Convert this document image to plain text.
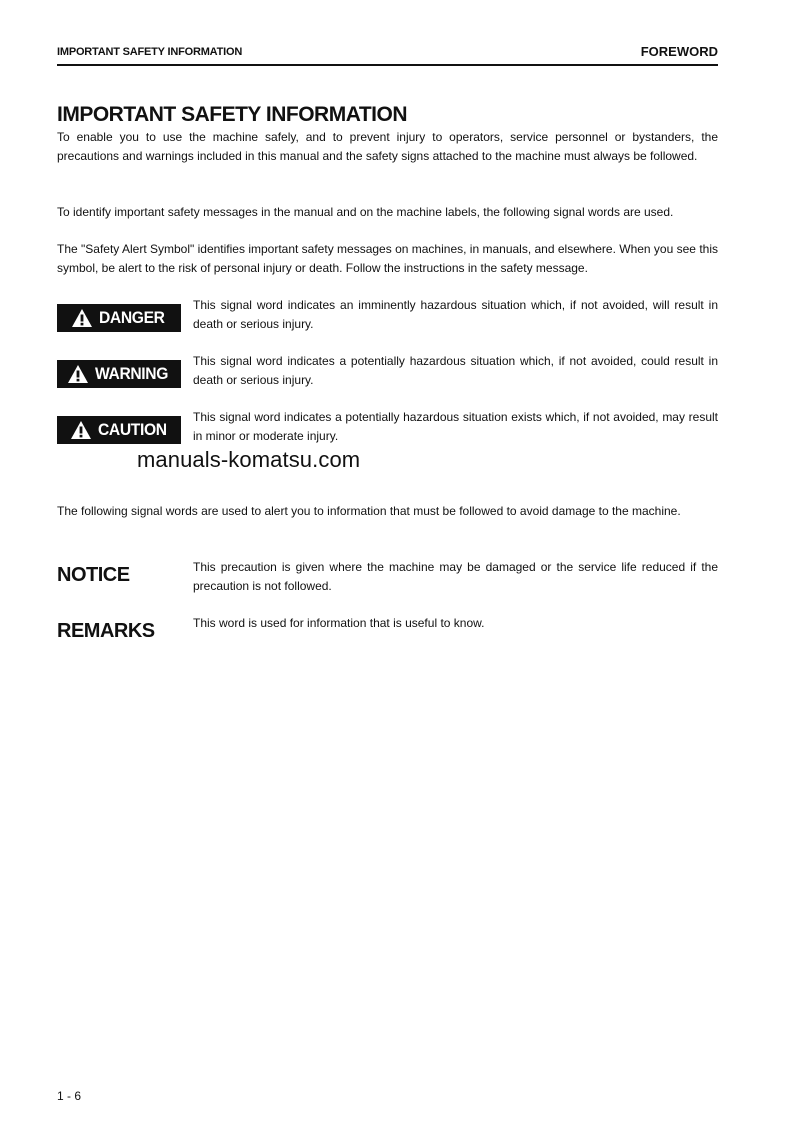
IMPORTANT SAFETY INFORMATION	FOREWORD
IMPORTANT SAFETY INFORMATION

To enable you to use the machine safely, and to prevent injury to operators, service personnel or bystanders, the precautions and warnings included in this manual and the safety signs attached to the machine must always be followed.

To identify important safety messages in the manual and on the machine labels, the following signal words are used.

The "Safety Alert Symbol" identifies important safety messages on machines, in manuals, and elsewhere. When you see this symbol, be alert to the risk of personal injury or death. Follow the instructions in the safety message.

DANGER
This signal word indicates an imminently hazardous situation which, if not avoided, will result in death or serious injury.
WARNING
This signal word indicates a potentially hazardous situation which, if not avoided, could result in death or serious injury.
CAUTION
This signal word indicates a potentially hazardous situation exists which, if not avoided, may result in minor or moderate injury.
manuals-komatsu.com

The following signal words are used to alert you to information that must be followed to avoid damage to the machine.

NOTICE	This precaution is given where the machine may be damaged or the service life reduced if the precaution is not followed.
REMARKS	This word is used for information that is useful to know.
1 - 6
